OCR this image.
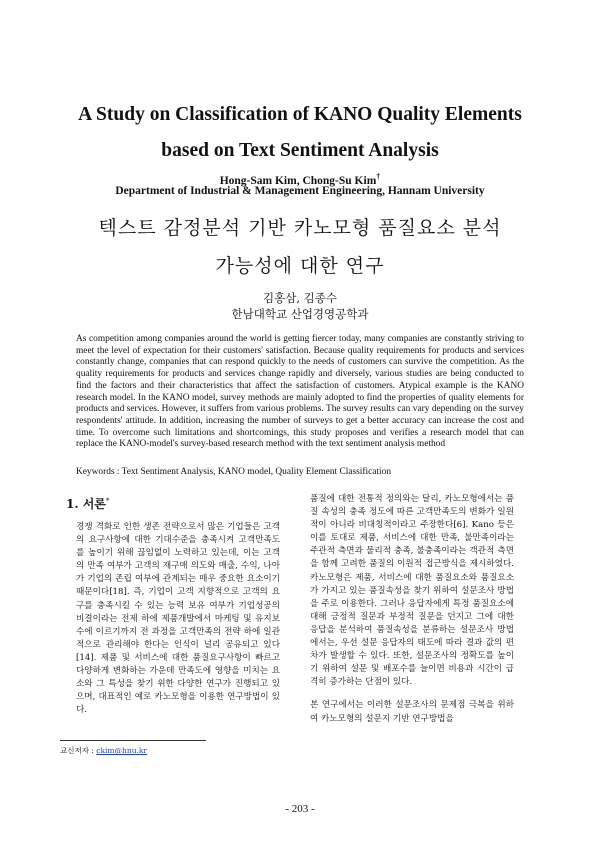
A Study on Classification of KANO Quality Elements
based on Text Sentiment Analysis
Hong-Sam Kim, Chong-Su Kim†
Department of Industrial & Management Engineering, Hannam University
텍스트 감정분석 기반 카노모형 품질요소 분석
가능성에 대한 연구
김홍삼, 김종수
한남대학교 산업경영공학과
As competition among companies around the world is getting fiercer today, many companies are constantly striving to meet the level of expectation for their customers' satisfaction. Because quality requirements for products and services constantly change, companies that can respond quickly to the needs of customers can survive the competition. As the quality requirements for products and services change rapidly and diversely, various studies are being conducted to find the factors and their characteristics that affect the satisfaction of customers. Atypical example is the KANO research model. In the KANO model, survey methods are mainly adopted to find the properties of quality elements for products and services. However, it suffers from various problems. The survey results can vary depending on the survey respondents' attitude. In addition, increasing the number of surveys to get a better accuracy can increase the cost and time. To overcome such limitations and shortcomings, this study proposes and verifies a research model that can replace the KANO-model's survey-based research method with the text sentiment analysis method
Keywords : Text Sentiment Analysis, KANO model, Quality Element Classification
1. 서론*

경쟁 격화로 인한 생존 전략으로서 많은 기업들은 고객의 요구사항에 대한 기대수준을 충족시켜 고객만족도를 높이기 위해 끊임없이 노력하고 있는데, 이는 고객의 만족 여부가 고객의 재구매 의도와 매출, 수익, 나아가 기업의 존립 여부에 관계되는 매우 중요한 요소이기 때문이다[18]. 즉, 기업이 고객 지향적으로 고객의 요구를 충족시킬 수 있는 능력 보유 여부가 기업성공의 비결이라는 전제 하에 제품개발에서 마케팅 및 유지보수에 이르기까지 전 과정을 고객만족의 전략 하에 일관적으로 관리해야 한다는 인식이 널리 공유되고 있다[14]. 제품 및 서비스에 대한 품질요구사항이 빠르고 다양하게 변화하는 가운데 만족도에 영향을 미치는 요소와 그 특성을 찾기 위한 다양한 연구가 진행되고 있으며, 대표적인 예로 카노모형을 이용한 연구방법이 있다.

품질에 대한 전통적 정의와는 달리, 카노모형에서는 품질 속성의 충족 정도에 따른 고객만족도의 변화가 일원적이 아니라 비대칭적이라고 주장한다[6]. Kano 등은 이를 토대로 제품, 서비스에 대한 만족, 불만족이라는 주관적 측면과 물리적 충족, 불충족이라는 객관적 측면을 함께 고려한 품질의 이원적 접근방식을 제시하였다. 카노모형은 제품, 서비스에 대한 품질요소와 품질요소가 가지고 있는 품질속성을 찾기 위하여 설문조사 방법을 주로 이용한다. 그러나 응답자에게 특정 품질요소에 대해 긍정적 질문과 부정적 질문을 던지고 그에 대한 응답을 분석하여 품질속성을 분류하는 설문조사 방법에서는, 우선 설문 응답자의 태도에 따라 결과 값의 편차가 발생할 수 있다. 또한, 설문조사의 정확도를 높이기 위하여 설문 및 배포수를 늘이면 비용과 시간이 급격히 증가하는 단점이 있다.

본 연구에서는 이러한 설문조사의 문제점 극복을 위하여 카노모형의 설문지 기반 연구방법을

교신저자 : ckim@hnu.kr
- 203 -
